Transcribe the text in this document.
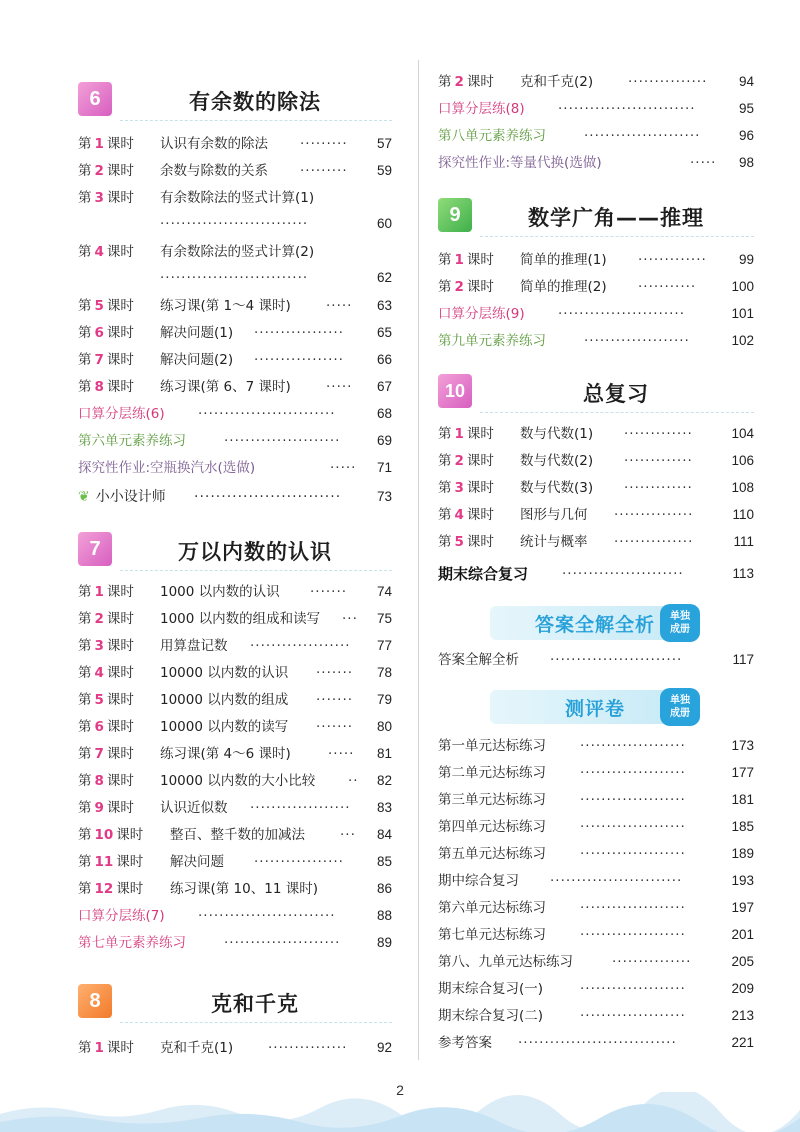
6	有余数的除法
第 1 课时 认识有余数的除法 ·········	57
第 2 课时 余数与除数的关系 ·········	59
第 3 课时 有余数除法的竖式计算(1)
····························	60
第 4 课时 有余数除法的竖式计算(2)
····························	62
第 5 课时 练习课(第 1～4 课时)	·····	63
第 6 课时 解决问题(1) ·················	65
第 7 课时 解决问题(2) ·················	66
第 8 课时 练习课(第 6、7 课时)	·····	67
口算分层练(6) ··························	68
第六单元素养练习	······················	69
探究性作业:空瓶换汽水(选做)	·····	71
❦ 小小设计师 ···························	73
7	万以内数的认识
第 1 课时 1000 以内数的认识 ·······	74
第 2 课时 1000 以内数的组成和读写 ···	75
第 3 课时 用算盘记数 ···················	77
第 4 课时 10000 以内数的认识 ·······	78
第 5 课时 10000 以内数的组成 ·······	79
第 6 课时 10000 以内数的读写 ·······	80
第 7 课时 练习课(第 4～6 课时)	·····	81
第 8 课时 10000 以内数的大小比较 ··	82
第 9 课时 认识近似数 ···················	83
第 10 课时 整百、整千数的加减法	···	84
第 11 课时 解决问题 ·················	85
第 12 课时 练习课(第 10、11 课时)	86
口算分层练(7) ··························	88
第七单元素养练习	······················	89
8	克和千克
第 1 课时 克和千克(1)	···············	92
第 2 课时 克和千克(2)	···············	94
口算分层练(8) ··························	95
第八单元素养练习	······················	96
探究性作业:等量代换(选做)	·····	98
9	数学广角——推理
第 1 课时 简单的推理(1) ·············	99
第 2 课时 简单的推理(2) ···········	100
口算分层练(9) ························	101
第九单元素养练习	····················	102
10	总复习
第 1 课时 数与代数(1) ·············	104
第 2 课时 数与代数(2) ·············	106
第 3 课时 数与代数(3) ·············	108
第 4 课时 图形与几何 ···············	110
第 5 课时 统计与概率 ···············	111
期末综合复习	·······················	113
答案全解全析 单独
成册
答案全解全析 ·························	117
测评卷	单独
成册
第一单元达标练习	····················	173
第二单元达标练习	····················	177
第三单元达标练习	····················	181
第四单元达标练习	····················	185
第五单元达标练习	····················	189
期中综合复习 ·························	193
第六单元达标练习	····················	197
第七单元达标练习	····················	201
第八、九单元达标练习	···············	205
期末综合复习(一)	····················	209
期末综合复习(二)	····················	213
参考答案 ······························	221
2
